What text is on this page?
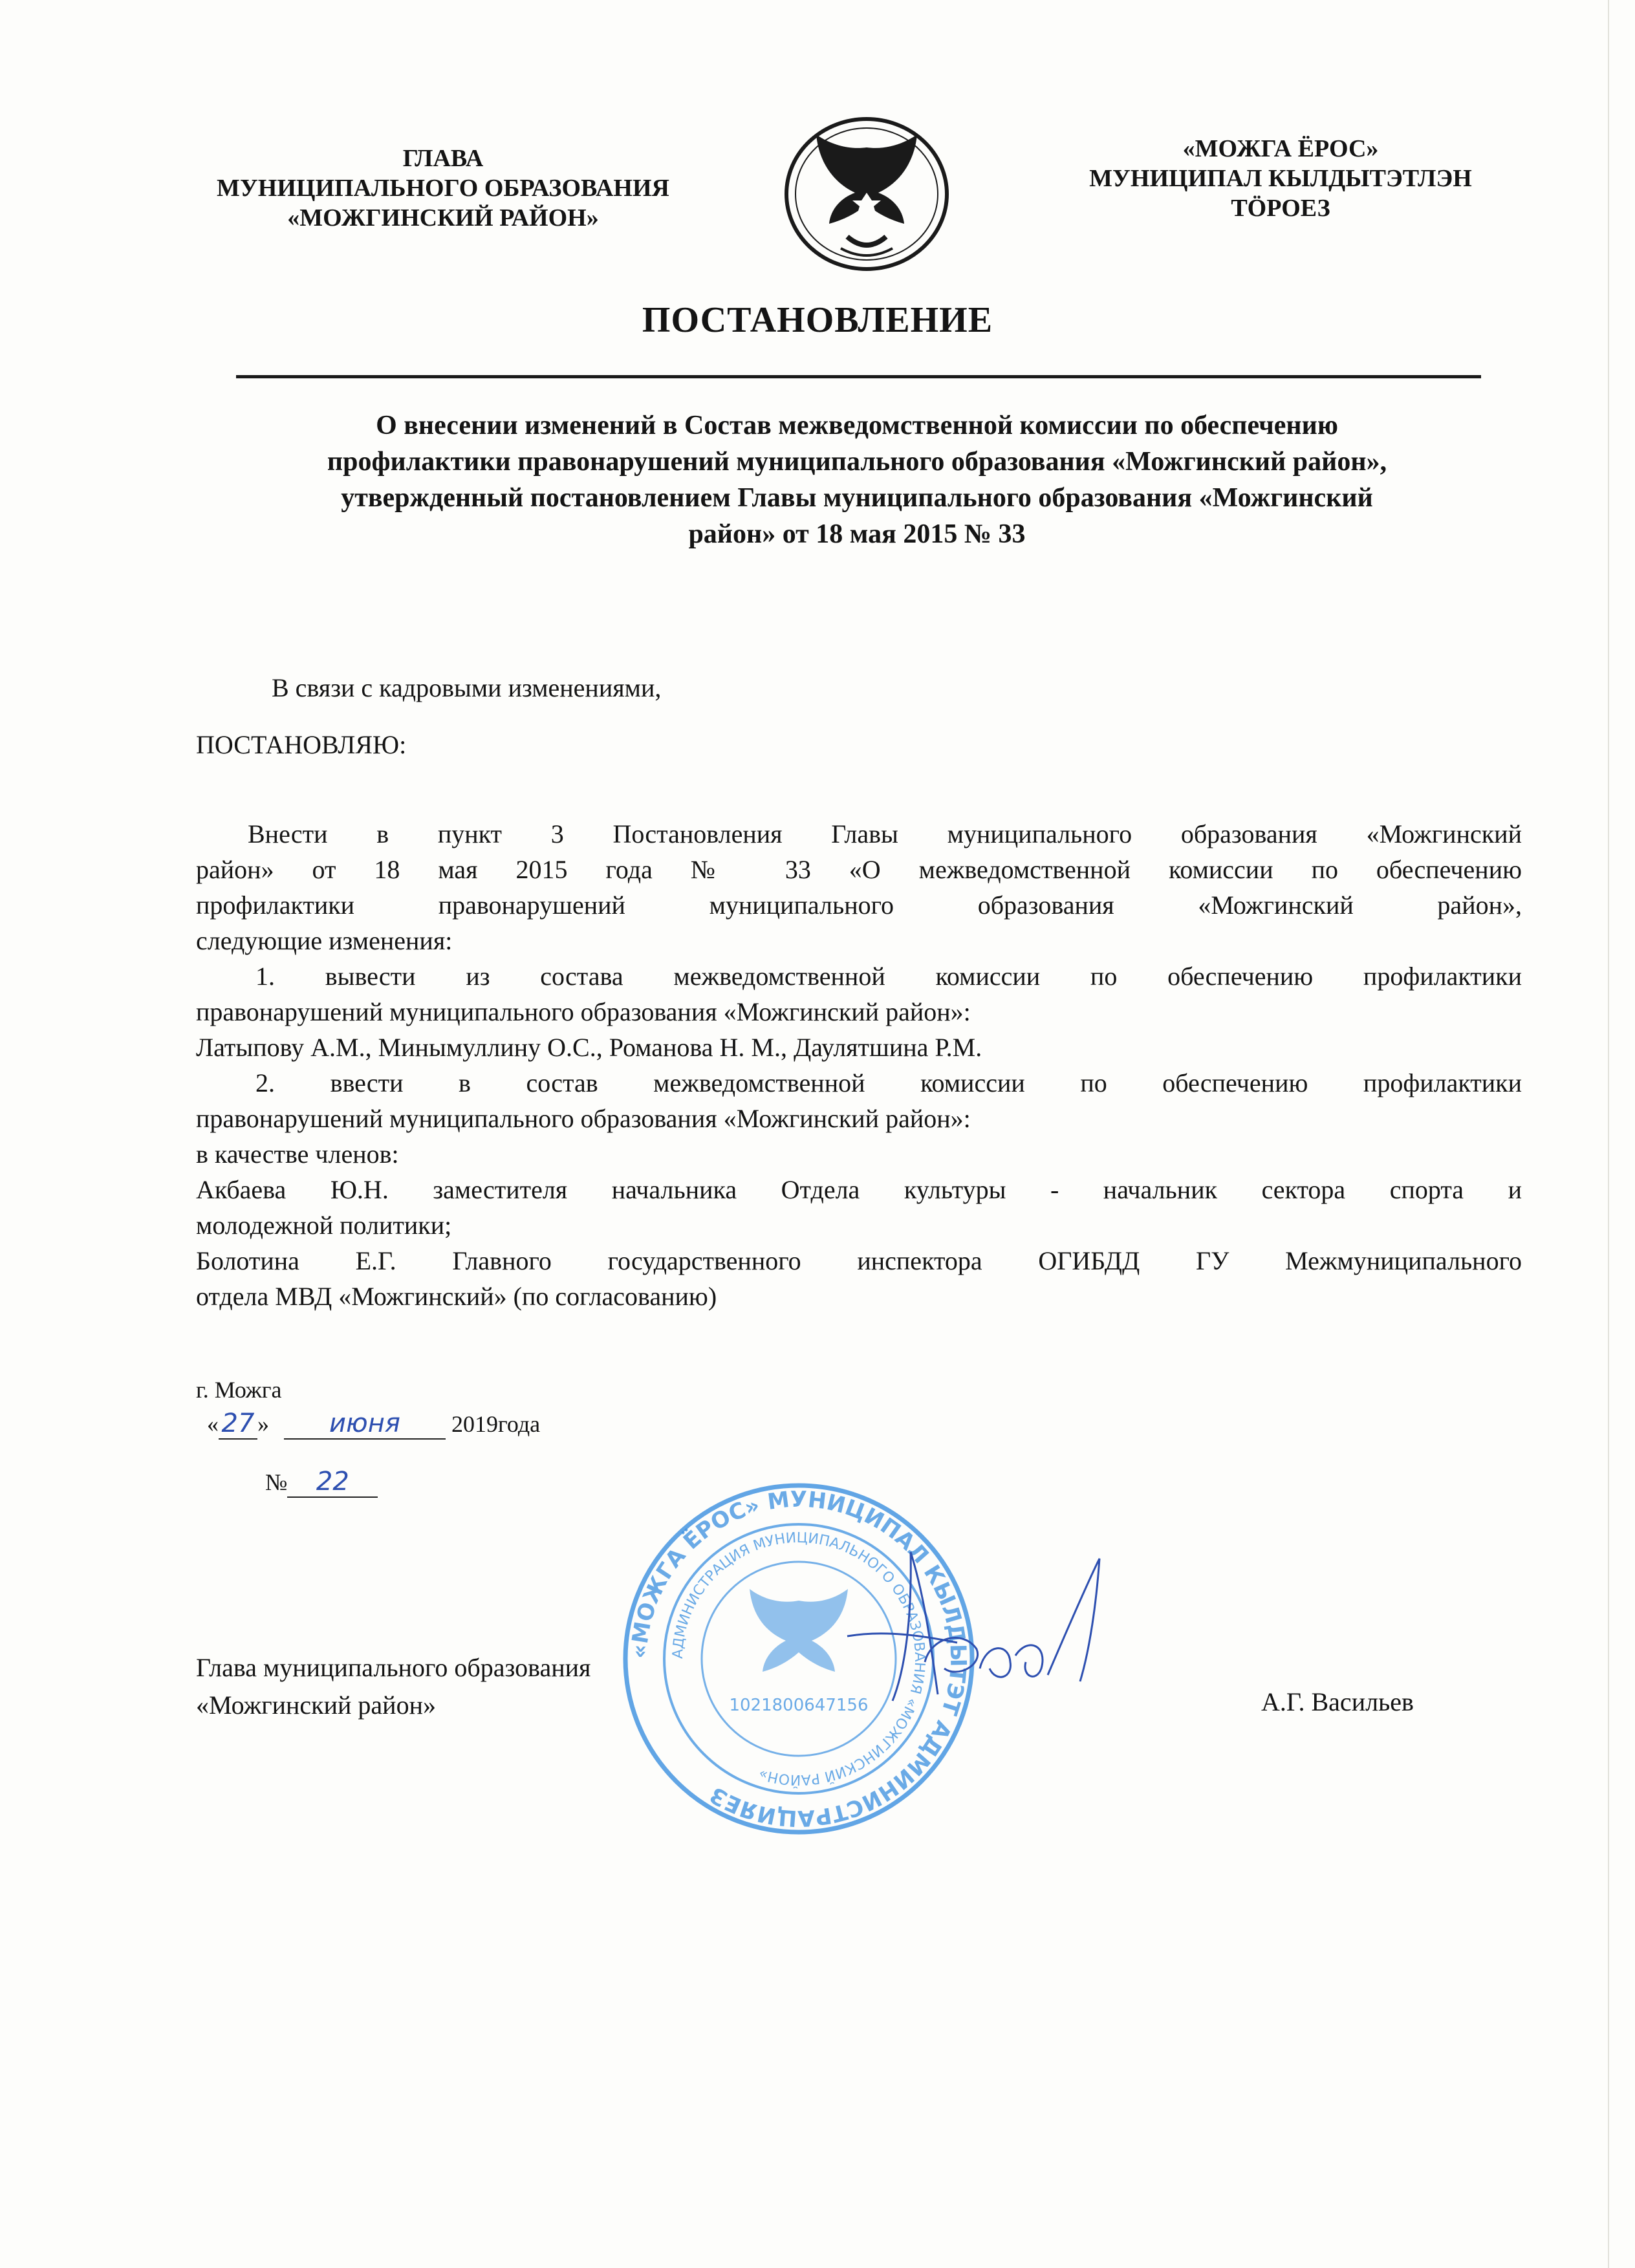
ГЛАВА
МУНИЦИПАЛЬНОГО ОБРАЗОВАНИЯ
«МОЖГИНСКИЙ РАЙОН»
«МОЖГА ЁРОС»
МУНИЦИПАЛ КЫЛДЫТЭТЛЭН
ТӦРОЕЗ
ПОСТАНОВЛЕНИЕ
О внесении изменений в Состав межведомственной комиссии по обеспечению
профилактики правонарушений муниципального образования «Можгинский район»,
утвержденный постановлением Главы муниципального образования «Можгинский
район» от 18 мая 2015 № 33
В связи с кадровыми изменениями,
ПОСТАНОВЛЯЮ:
Внести в пункт 3 Постановления Главы муниципального образования «Можгинский
район» от 18 мая 2015 года № 33 «О межведомственной комиссии по обеспечению
профилактики правонарушений муниципального образования «Можгинский район»,
следующие изменения:
1. вывести из состава межведомственной комиссии по обеспечению профилактики
правонарушений муниципального образования «Можгинский район»:
Латыпову А.М., Минымуллину О.С., Романова Н. М., Даулятшина Р.М.
2. ввести в состав межведомственной комиссии по обеспечению профилактики
правонарушений муниципального образования «Можгинский район»:
в качестве членов:
Акбаева Ю.Н. заместителя начальника Отдела культуры - начальник сектора спорта и
молодежной политики;
Болотина Е.Г. Главного государственного инспектора ОГИБДД ГУ Межмуниципального
отдела МВД «Можгинский» (по согласованию)
г. Можга
« 27 » июня 2019года
№ 22
«МОЖГА ЁРОС» МУНИЦИПАЛ КЫЛДЫТЭТ АДМИНИСТРАЦИЯЕЗ
АДМИНИСТРАЦИЯ МУНИЦИПАЛЬНОГО ОБРАЗОВАНИЯ «МОЖГИНСКИЙ РАЙОН»
1021800647156
Глава муниципального образования
«Можгинский район»	А.Г. Васильев
